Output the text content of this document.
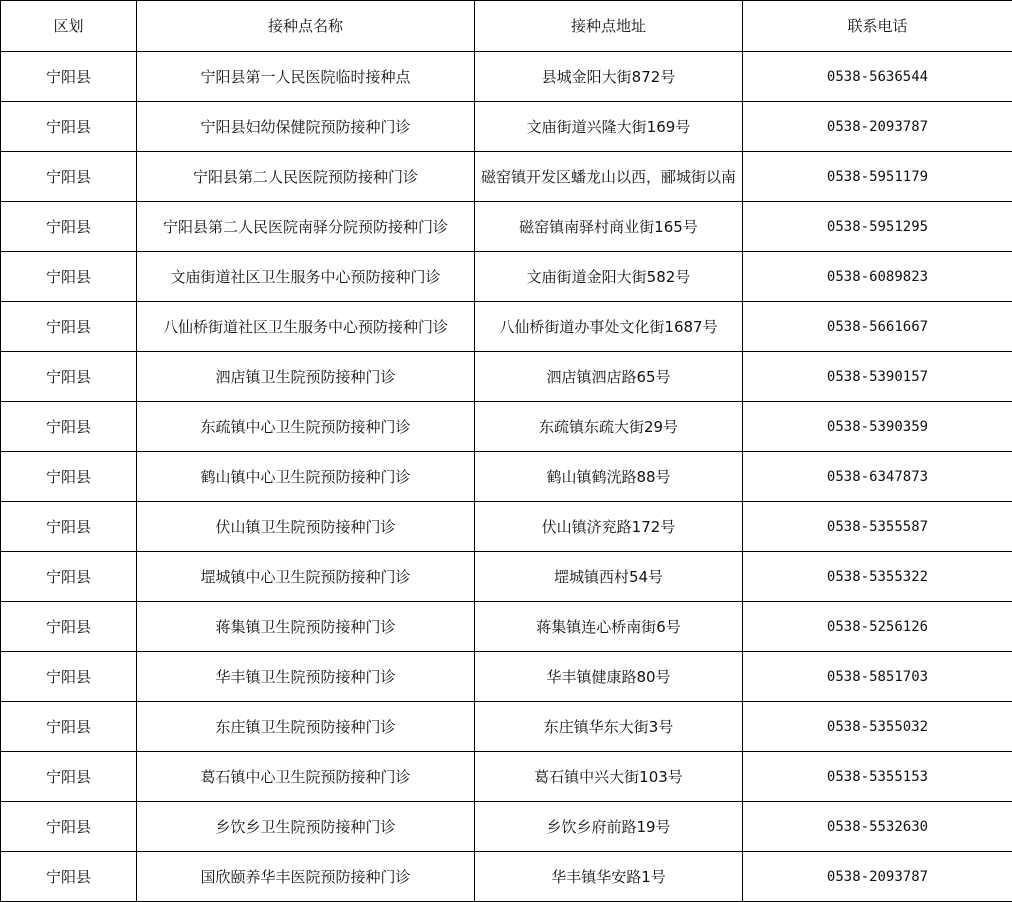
区划	接种点名称	接种点地址	联系电话
宁阳县	宁阳县第一人民医院临时接种点	县城金阳大街872号	0538-5636544
宁阳县	宁阳县妇幼保健院预防接种门诊	文庙街道兴隆大街169号	0538-2093787
宁阳县	宁阳县第二人民医院预防接种门诊	磁窑镇开发区蟠龙山以西，郦城街以南	0538-5951179
宁阳县	宁阳县第二人民医院南驿分院预防接种门诊	磁窑镇南驿村商业街165号	0538-5951295
宁阳县	文庙街道社区卫生服务中心预防接种门诊	文庙街道金阳大街582号	0538-6089823
宁阳县	八仙桥街道社区卫生服务中心预防接种门诊	八仙桥街道办事处文化街1687号	0538-5661667
宁阳县	泗店镇卫生院预防接种门诊	泗店镇泗店路65号	0538-5390157
宁阳县	东疏镇中心卫生院预防接种门诊	东疏镇东疏大街29号	0538-5390359
宁阳县	鹤山镇中心卫生院预防接种门诊	鹤山镇鹤洸路88号	0538-6347873
宁阳县	伏山镇卫生院预防接种门诊	伏山镇济兖路172号	0538-5355587
宁阳县	堽城镇中心卫生院预防接种门诊	堽城镇西村54号	0538-5355322
宁阳县	蒋集镇卫生院预防接种门诊	蒋集镇连心桥南街6号	0538-5256126
宁阳县	华丰镇卫生院预防接种门诊	华丰镇健康路80号	0538-5851703
宁阳县	东庄镇卫生院预防接种门诊	东庄镇华东大街3号	0538-5355032
宁阳县	葛石镇中心卫生院预防接种门诊	葛石镇中兴大街103号	0538-5355153
宁阳县	乡饮乡卫生院预防接种门诊	乡饮乡府前路19号	0538-5532630
宁阳县	国欣颐养华丰医院预防接种门诊	华丰镇华安路1号	0538-2093787
